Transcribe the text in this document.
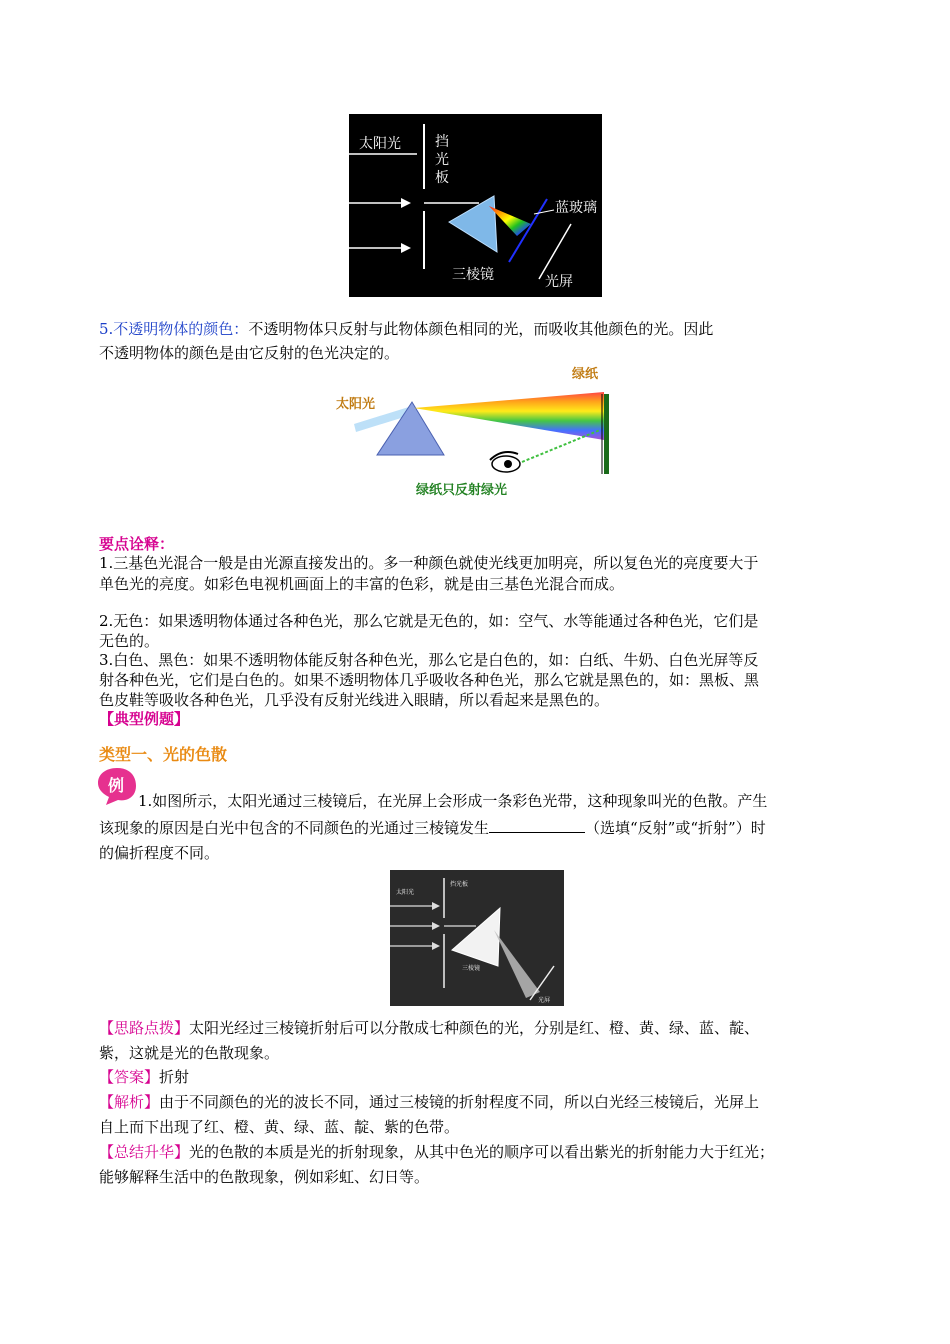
太阳光 挡
光
板
蓝玻璃
三棱镜	光屏
5.不透明物体的颜色：不透明物体只反射与此物体颜色相同的光，而吸收其他颜色的光。因此
不透明物体的颜色是由它反射的色光决定的。
绿纸
太阳光
绿纸只反射绿光
要点诠释：
1.三基色光混合一般是由光源直接发出的。多一种颜色就使光线更加明亮，所以复色光的亮度要大于
单色光的亮度。如彩色电视机画面上的丰富的色彩，就是由三基色光混合而成。
2.无色：如果透明物体通过各种色光，那么它就是无色的，如：空气、水等能通过各种色光，它们是
无色的。
3.白色、黑色：如果不透明物体能反射各种色光，那么它是白色的，如：白纸、牛奶、白色光屏等反
射各种色光，它们是白色的。如果不透明物体几乎吸收各种色光，那么它就是黑色的，如：黑板、黑
色皮鞋等吸收各种色光，几乎没有反射光线进入眼睛，所以看起来是黑色的。
【典型例题】
类型一、光的色散
例
1.如图所示，太阳光通过三棱镜后，在光屏上会形成一条彩色光带，这种现象叫光的色散。产生
该现象的原因是白光中包含的不同颜色的光通过三棱镜发生	（选填“反射”或“折射”）时
的偏折程度不同。
太阳光
挡光板
三棱镜
光屏
【思路点拨】太阳光经过三棱镜折射后可以分散成七种颜色的光，分别是红、橙、黄、绿、蓝、靛、
紫，这就是光的色散现象。
【答案】折射
【解析】由于不同颜色的光的波长不同，通过三棱镜的折射程度不同，所以白光经三棱镜后，光屏上
自上而下出现了红、橙、黄、绿、蓝、靛、紫的色带。
【总结升华】光的色散的本质是光的折射现象，从其中色光的顺序可以看出紫光的折射能力大于红光；
能够解释生活中的色散现象，例如彩虹、幻日等。
